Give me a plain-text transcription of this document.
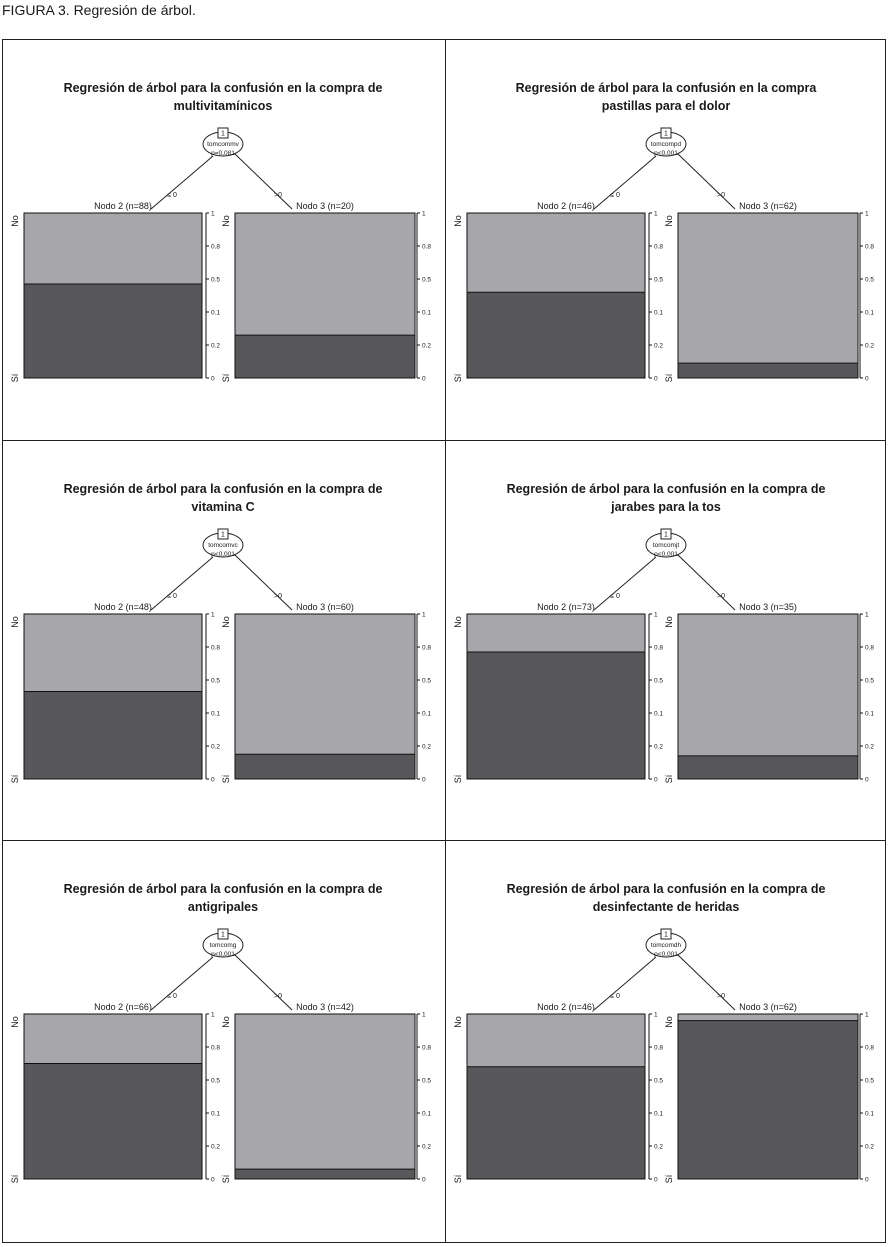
FIGURA 3. Regresión de árbol.
Regresión de árbol para la confusión en la compra de
multivitamínicos
1
tomcommv
p=0,081
≤ 0	>0
Nodo 2 (n=88)
1
0.8
0.5
0.1
0.2
0
No
Sí
Nodo 3 (n=20)
1
0.8
0.5
0.1
0.2
0
No
Sí
Regresión de árbol para la confusión en la compra
pastillas para el dolor
1
tomcompd
p<0,001
≤ 0	>0
Nodo 2 (n=46)
1
0.8
0.5
0.1
0.2
0
No
Sí
Nodo 3 (n=62)
1
0.8
0.5
0.1
0.2
0
No
Sí
Regresión de árbol para la confusión en la compra de
vitamina C
1
tomcomvc
p<0,001
≤ 0	>0
Nodo 2 (n=48)
1
0.8
0.5
0.1
0.2
0
No
Sí
Nodo 3 (n=60)
1
0.8
0.5
0.1
0.2
0
No
Sí
Regresión de árbol para la confusión en la compra de
jarabes para la tos
1
tomcomjt
p<0,001
≤ 0	>0
Nodo 2 (n=73)
1
0.8
0.5
0.1
0.2
0
No
Sí
Nodo 3 (n=35)
1
0.8
0.5
0.1
0.2
0
No
Sí
Regresión de árbol para la confusión en la compra de
antigripales
1
tomcomg
p<0,001
≤ 0	>0
Nodo 2 (n=66)
1
0.8
0.5
0.1
0.2
0
No
Sí
Nodo 3 (n=42)
1
0.8
0.5
0.1
0.2
0
No
Sí
Regresión de árbol para la confusión en la compra de
desinfectante de heridas
1
tomcomdh
p<0,001
≤ 0	>0
Nodo 2 (n=46)
1
0.8
0.5
0.1
0.2
0
No
Sí
Nodo 3 (n=62)
1
0.8
0.5
0.1
0.2
0
No
Sí
